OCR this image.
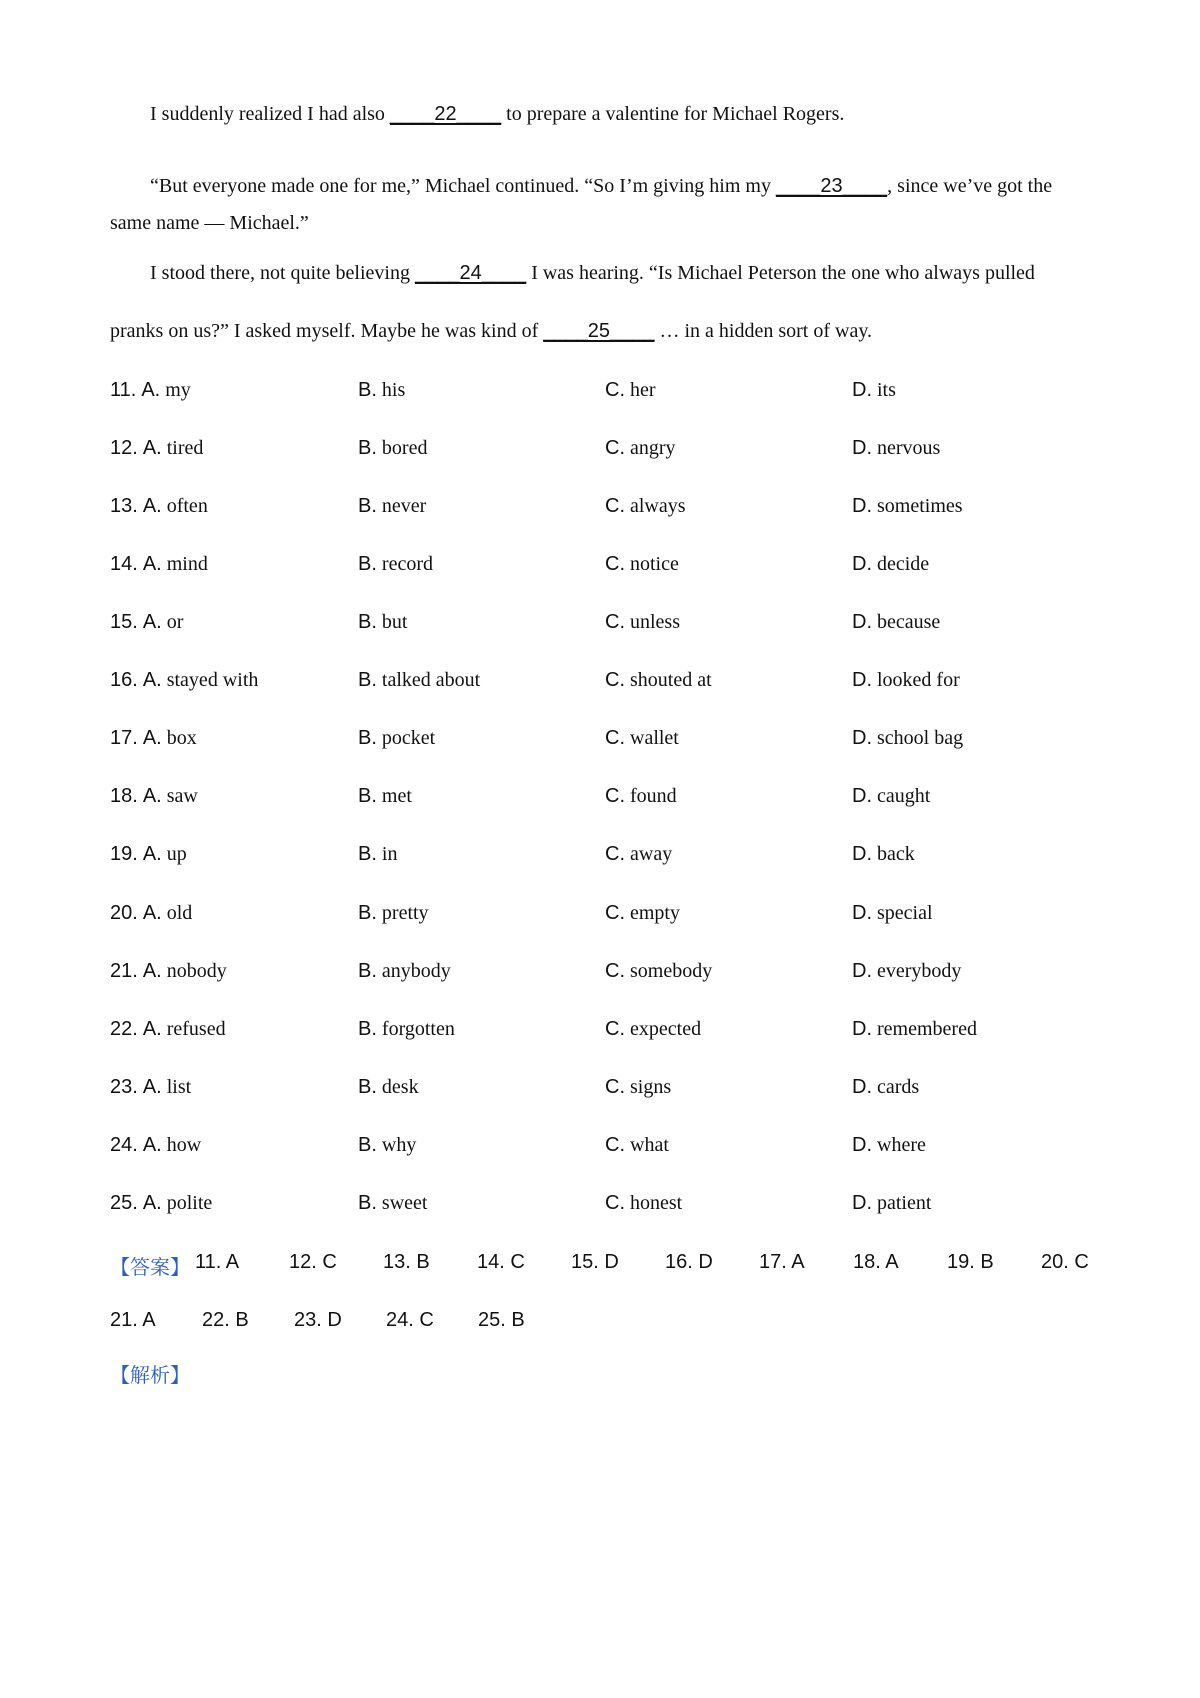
I suddenly realized I had also ____22____ to prepare a valentine for Michael Rogers.
“But everyone made one for me,” Michael continued. “So I’m giving him my ____23____, since we’ve got the
same name — Michael.”
I stood there, not quite believing ____24____ I was hearing. “Is Michael Peterson the one who always pulled
pranks on us?” I asked myself. Maybe he was kind of ____25____ … in a hidden sort of way.
11. A. my	B. his	C. her	D. its
12. A. tired	B. bored	C. angry	D. nervous
13. A. often	B. never	C. always	D. sometimes
14. A. mind	B. record	C. notice	D. decide
15. A. or	B. but	C. unless	D. because
16. A. stayed with	B. talked about	C. shouted at	D. looked for
17. A. box	B. pocket	C. wallet	D. school bag
18. A. saw	B. met	C. found	D. caught
19. A. up	B. in	C. away	D. back
20. A. old	B. pretty	C. empty	D. special
21. A. nobody	B. anybody	C. somebody	D. everybody
22. A. refused	B. forgotten	C. expected	D. remembered
23. A. list	B. desk	C. signs	D. cards
24. A. how	B. why	C. what	D. where
25. A. polite	B. sweet	C. honest	D. patient
【答案】 11. A 12. C 13. B 14. C 15. D 16. D 17. A 18. A 19. B 20. C
21. A 22. B 23. D 24. C 25. B
【解析】
